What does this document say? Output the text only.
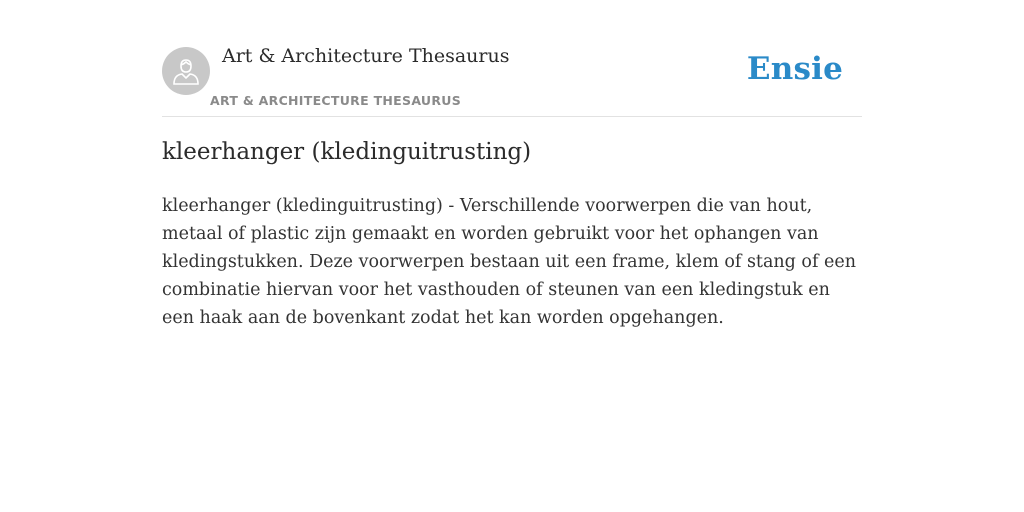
Art & Architecture Thesaurus
ART & ARCHITECTURE THESAURUS
Ensie
kleerhanger (kledinguitrusting)

kleerhanger (kledinguitrusting) - Verschillende voorwerpen die van hout, metaal of plastic zijn gemaakt en worden gebruikt voor het ophangen van kledingstukken. Deze voorwerpen bestaan uit een frame, klem of stang of een combinatie hiervan voor het vasthouden of steunen van een kledingstuk en een haak aan de bovenkant zodat het kan worden opgehangen.
